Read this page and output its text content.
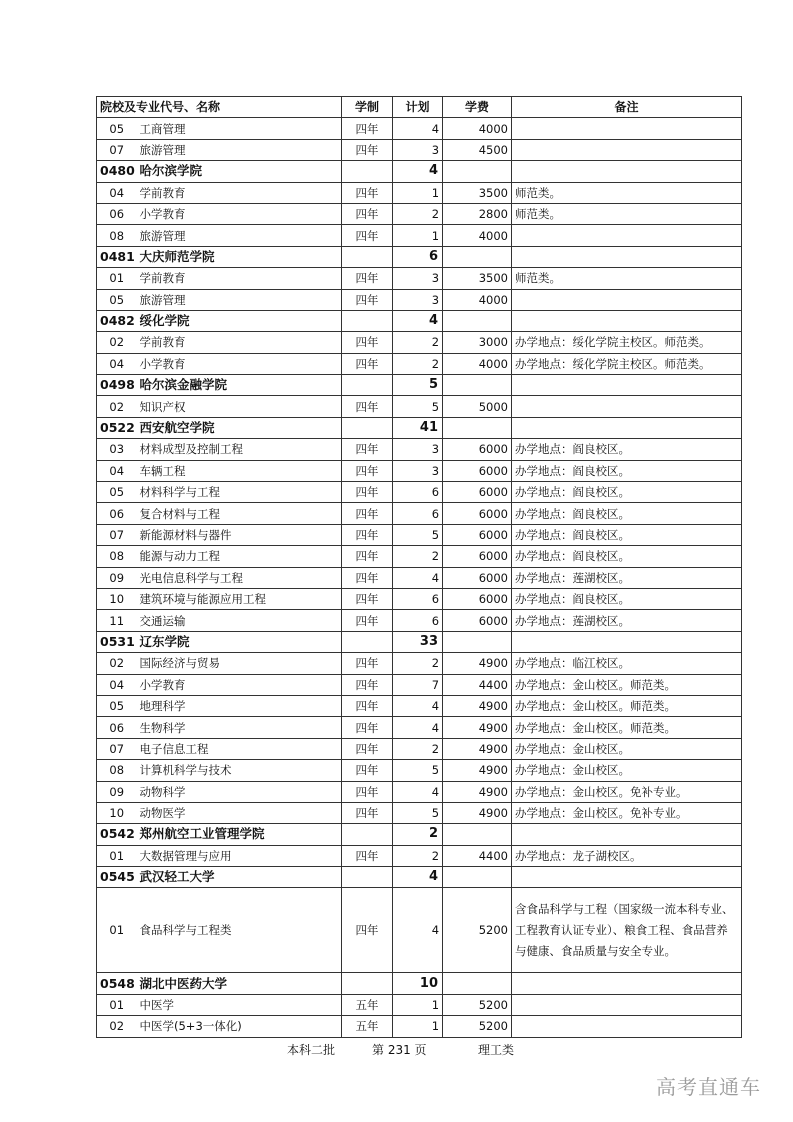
院校及专业代号、名称		学制	计划	学费	备注
05	工商管理	四年	4	4000	
07	旅游管理	四年	3	4500	
0480	哈尔滨学院		4		
04	学前教育	四年	1	3500	师范类。
06	小学教育	四年	2	2800	师范类。
08	旅游管理	四年	1	4000	
0481	大庆师范学院		6		
01	学前教育	四年	3	3500	师范类。
05	旅游管理	四年	3	4000	
0482	绥化学院		4		
02	学前教育	四年	2	3000	办学地点：绥化学院主校区。师范类。
04	小学教育	四年	2	4000	办学地点：绥化学院主校区。师范类。
0498	哈尔滨金融学院		5		
02	知识产权	四年	5	5000	
0522	西安航空学院		41		
03	材料成型及控制工程	四年	3	6000	办学地点：阎良校区。
04	车辆工程	四年	3	6000	办学地点：阎良校区。
05	材料科学与工程	四年	6	6000	办学地点：阎良校区。
06	复合材料与工程	四年	6	6000	办学地点：阎良校区。
07	新能源材料与器件	四年	5	6000	办学地点：阎良校区。
08	能源与动力工程	四年	2	6000	办学地点：阎良校区。
09	光电信息科学与工程	四年	4	6000	办学地点：莲湖校区。
10	建筑环境与能源应用工程	四年	6	6000	办学地点：阎良校区。
11	交通运输	四年	6	6000	办学地点：莲湖校区。
0531	辽东学院		33		
02	国际经济与贸易	四年	2	4900	办学地点：临江校区。
04	小学教育	四年	7	4400	办学地点：金山校区。师范类。
05	地理科学	四年	4	4900	办学地点：金山校区。师范类。
06	生物科学	四年	4	4900	办学地点：金山校区。师范类。
07	电子信息工程	四年	2	4900	办学地点：金山校区。
08	计算机科学与技术	四年	5	4900	办学地点：金山校区。
09	动物科学	四年	4	4900	办学地点：金山校区。免补专业。
10	动物医学	四年	5	4900	办学地点：金山校区。免补专业。
0542	郑州航空工业管理学院		2		
01	大数据管理与应用	四年	2	4400	办学地点：龙子湖校区。
0545	武汉轻工大学		4		
01	食品科学与工程类	四年	4	5200	含食品科学与工程（国家级一流本科专业、工程教育认证专业）、粮食工程、食品营养与健康、食品质量与安全专业。
0548	湖北中医药大学		10		
01	中医学	五年	1	5200	
02	中医学(5+3一体化)	五年	1	5200	
本科二批	第 231 页	理工类
高考直通车
